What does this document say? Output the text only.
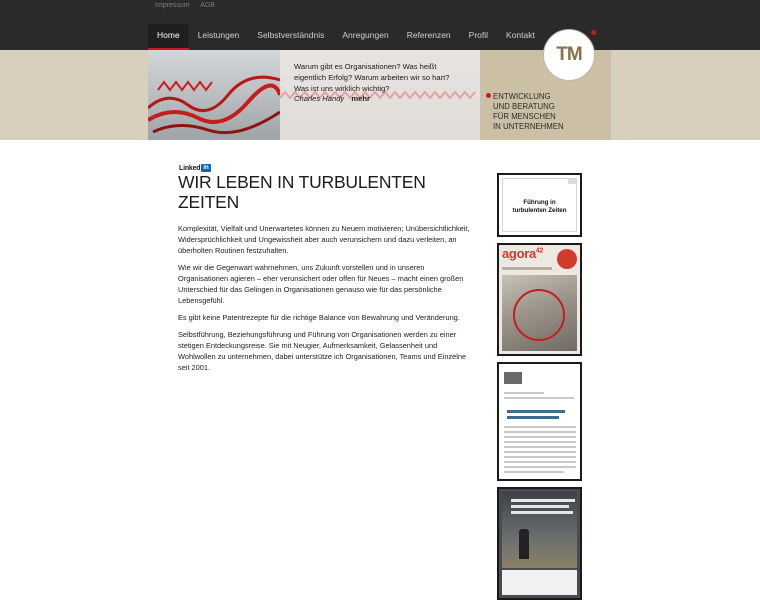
Impressum AGB
Home	Leistungen	Selbstverständnis	Anregungen	Referenzen	Profil	Kontakt
Warum gibt es Organisationen? Was heißt
eigentlich Erfolg? Warum arbeiten wir so hart?
Was ist uns wirklich wichtig?
Charles Handy mehr
TM
ENTWICKLUNG
UND BERATUNG
FÜR MENSCHEN
IN UNTERNEHMEN
Linked in
WIR LEBEN IN TURBULENTEN
ZEITEN

Komplexität, Vielfalt und Unerwartetes können zu Neuem motivieren; Unübersichtlichkeit, Widersprüchlichkeit und Ungewissheit aber auch verunsichern und dazu verleiten, an überholten Routinen festzuhalten.

Wie wir die Gegenwart wahrnehmen, uns Zukunft vorstellen und in unseren Organisationen agieren – eher verunsichert oder offen für Neues – macht einen großen Unterschied für das Gelingen in Organisationen genauso wie für das persönliche Lebensgefühl.

Es gibt keine Patentrezepte für die richtige Balance von Bewahrung und Veränderung.

Selbstführung, Beziehungsführung und Führung von Organisationen werden zu einer stetigen Entdeckungsreise. Sie mit Neugier, Aufmerksamkeit, Gelassenheit und Wohlwollen zu unternehmen, dabei unterstütze ich Organisationen, Teams und Einzelne seit 2001.

Führung in
turbulenten Zeiten
agora$^{42}$
